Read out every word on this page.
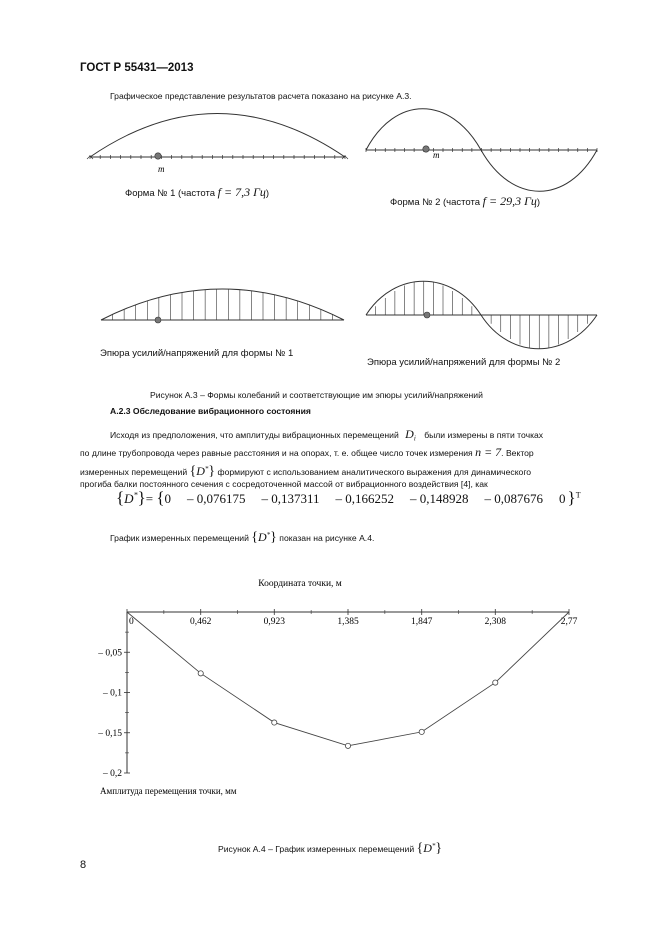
ГОСТ Р 55431—2013
Графическое представление результатов расчета показано на рисунке А.3.
m
m
Форма № 1 (частота f = 7,3 Гц)
Форма № 2 (частота f = 29,3 Гц)
Эпюра усилий/напряжений для формы № 1
Эпюра усилий/напряжений для формы № 2
Рисунок А.3 – Формы колебаний и соответствующие им эпюры усилий/напряжений
А.2.3 Обследование вибрационного состояния
Исходя из предположения, что амплитуды вибрационных перемещений $D_i$ были измерены в пяти точках
по длине трубопровода через равные расстояния и на опорах, т. е. общее число точек измерения n = 7. Вектор
измеренных перемещений {D*} формируют с использованием аналитического выражения для динамического
прогиба балки постоянного сечения с сосредоточенной массой от вибрационного воздействия [4], как
{D*}= {0 – 0,076175 – 0,137311 – 0,166252 – 0,148928 – 0,087676 0 }$^T$
График измеренных перемещений {D*} показан на рисунке А.4.
Координата точки, м
0	0,462	0,923	1,385	1,847	2,308	2,77
– 0,05
– 0,1
– 0,15
– 0,2
Амплитуда перемещения точки, мм
Рисунок А.4 – График измеренных перемещений {D*}
8
